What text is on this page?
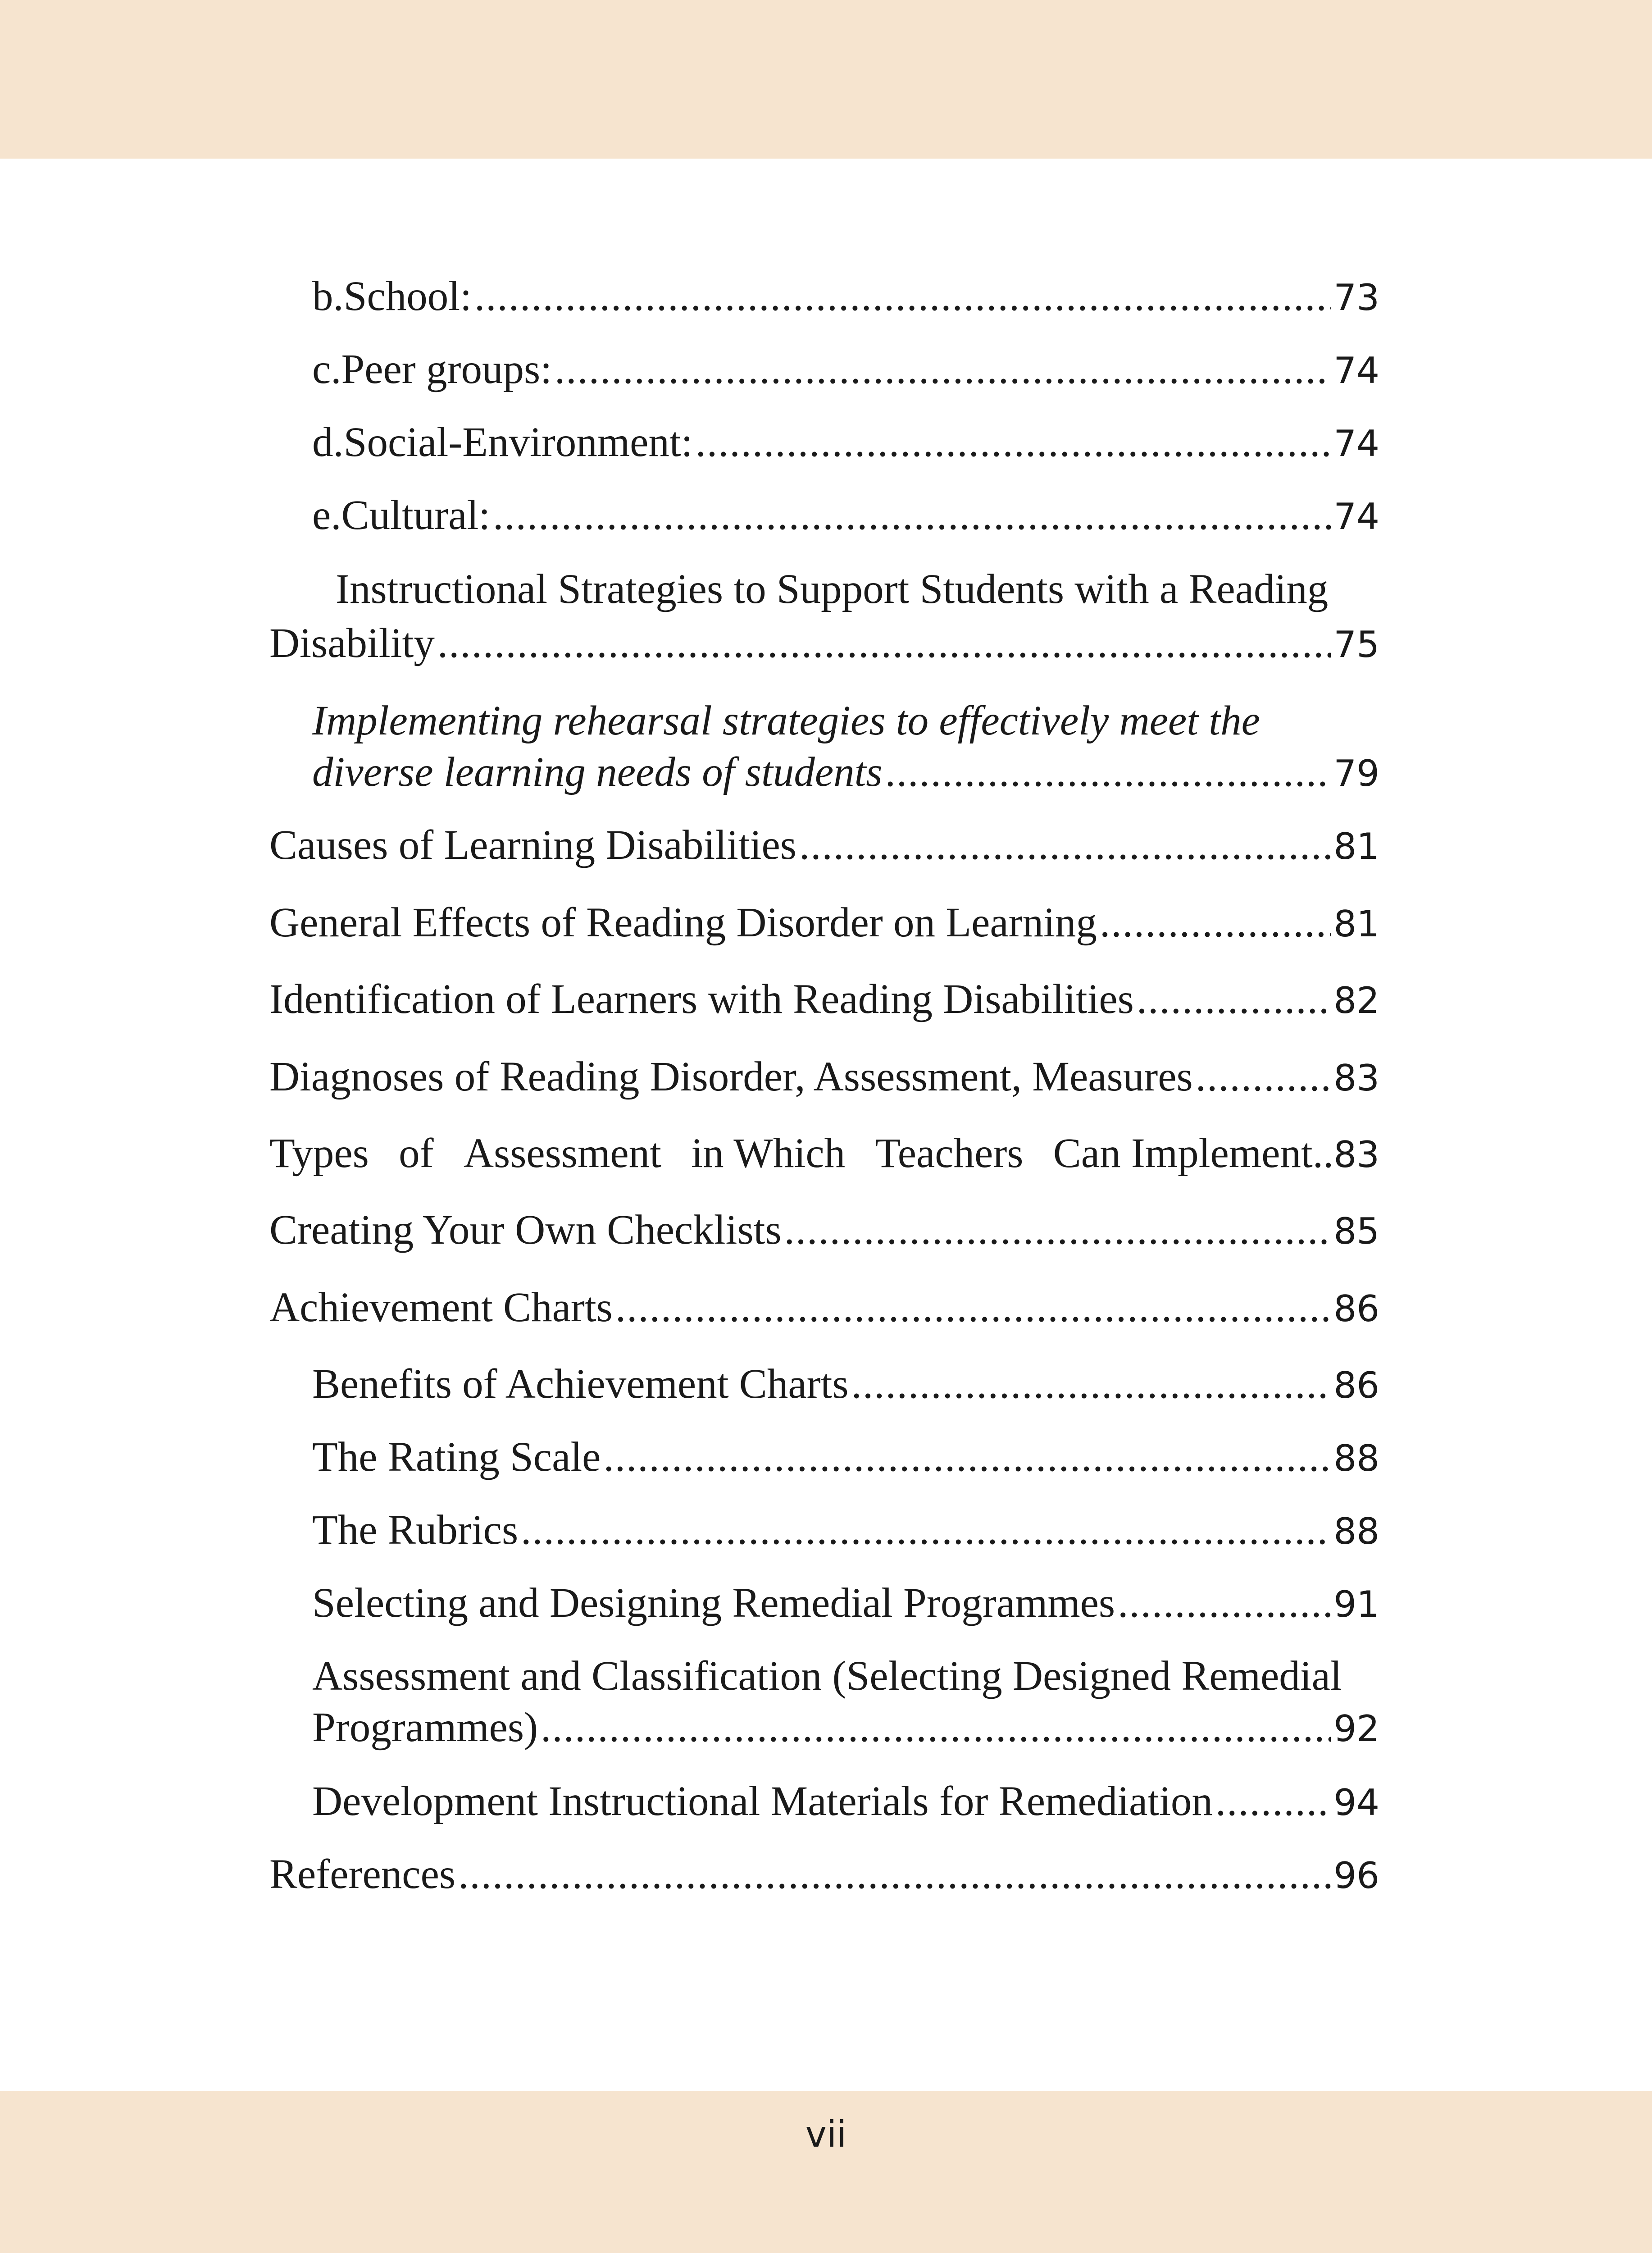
b. School: .....	73
c. Peer groups: .....	74
d. Social-Environment: .....	74
e. Cultural: .....	74
Instructional Strategies to Support Students with a Reading
Disability .....	75
Implementing rehearsal strategies to effectively meet the
diverse learning needs of students .....	79
Causes of Learning Disabilities .....	81
General Effects of Reading Disorder on Learning .....	81
Identification of Learners with Reading Disabilities .....	82
Diagnoses of Reading Disorder, Assessment, Measures .....	83
Types of Assessment in Which Teachers Can Implement..83
Creating Your Own Checklists .....	85
Achievement Charts .....	86
Benefits of Achievement Charts .....	86
The Rating Scale .....	88
The Rubrics .....	88
Selecting and Designing Remedial Programmes .....	91
Assessment and Classification (Selecting Designed Remedial
Programmes) .....	92
Development Instructional Materials for Remediation .....	94
References .....	96
vii
